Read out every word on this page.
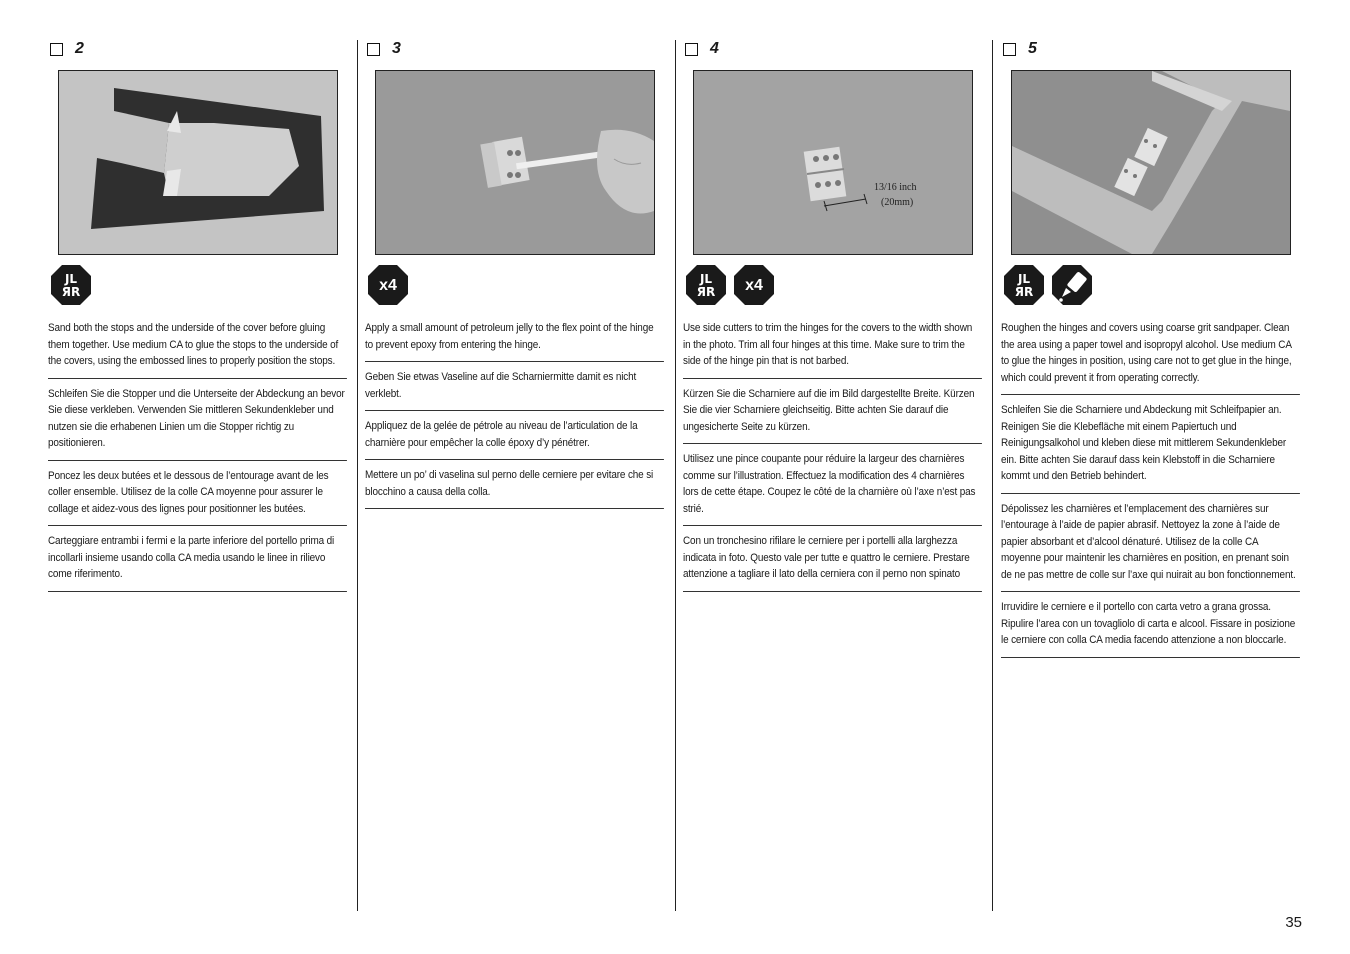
2
JL
ЯR
Sand both the stops and the underside of the cover before gluing them together. Use medium CA to glue the stops to the underside of the covers, using the embossed lines to properly position the stops.
Schleifen Sie die Stopper und die Unterseite der Abdeckung an bevor Sie diese verkleben. Verwenden Sie mittleren Sekundenkleber und nutzen sie die erhabenen Linien um die Stopper richtig zu positionieren.
Poncez les deux butées et le dessous de l’entourage avant de les coller ensemble. Utilisez de la colle CA moyenne pour assurer le collage et aidez-vous des lignes pour positionner les butées.
Carteggiare entrambi i fermi e la parte inferiore del portello prima di incollarli insieme usando colla CA media usando le linee in rilievo come riferimento.
3
x4
Apply a small amount of petroleum jelly to the flex point of the hinge to prevent epoxy from entering the hinge.
Geben Sie etwas Vaseline auf die Scharniermitte damit es nicht verklebt.
Appliquez de la gelée de pétrole au niveau de l’articulation de la charnière pour empêcher la colle époxy d’y pénétrer.
Mettere un po’ di vaselina sul perno delle cerniere per evitare che si blocchino a causa della colla.
4
13/16 inch
(20mm)
JL
ЯR x4
Use side cutters to trim the hinges for the covers to the width shown in the photo. Trim all four hinges at this time. Make sure to trim the side of the hinge pin that is not barbed.
Kürzen Sie die Scharniere auf die im Bild dargestellte Breite. Kürzen Sie die vier Scharniere gleichseitig. Bitte achten Sie darauf die ungesicherte Seite zu kürzen.
Utilisez une pince coupante pour réduire la largeur des charnières comme sur l’illustration. Effectuez la modification des 4 charnières lors de cette étape. Coupez le côté de la charnière où l’axe n’est pas strié.
Con un tronchesino rifilare le cerniere per i portelli alla larghezza indicata in foto. Questo vale per tutte e quattro le cerniere. Prestare attenzione a tagliare il lato della cerniera con il perno non spinato
5
JL
ЯR
Roughen the hinges and covers using coarse grit sandpaper. Clean the area using a paper towel and isopropyl alcohol. Use medium CA to glue the hinges in position, using care not to get glue in the hinge, which could prevent it from operating correctly.
Schleifen Sie die Scharniere und Abdeckung mit Schleifpapier an. Reinigen Sie die Klebefläche mit einem Papiertuch und Reinigungsalkohol und kleben diese mit mittlerem Sekundenkleber ein. Bitte achten Sie darauf dass kein Klebstoff in die Scharniere kommt und den Betrieb behindert.
Dépolissez les charnières et l’emplacement des charnières sur l’entourage à l’aide de papier abrasif. Nettoyez la zone à l’aide de papier absorbant et d’alcool dénaturé. Utilisez de la colle CA moyenne pour maintenir les charnières en position, en prenant soin de ne pas mettre de colle sur l’axe qui nuirait au bon fonctionnement.
Irruvidire le cerniere e il portello con carta vetro a grana grossa. Ripulire l’area con un tovagliolo di carta e alcool. Fissare in posizione le cerniere con colla CA media facendo attenzione a non bloccarle.
35
